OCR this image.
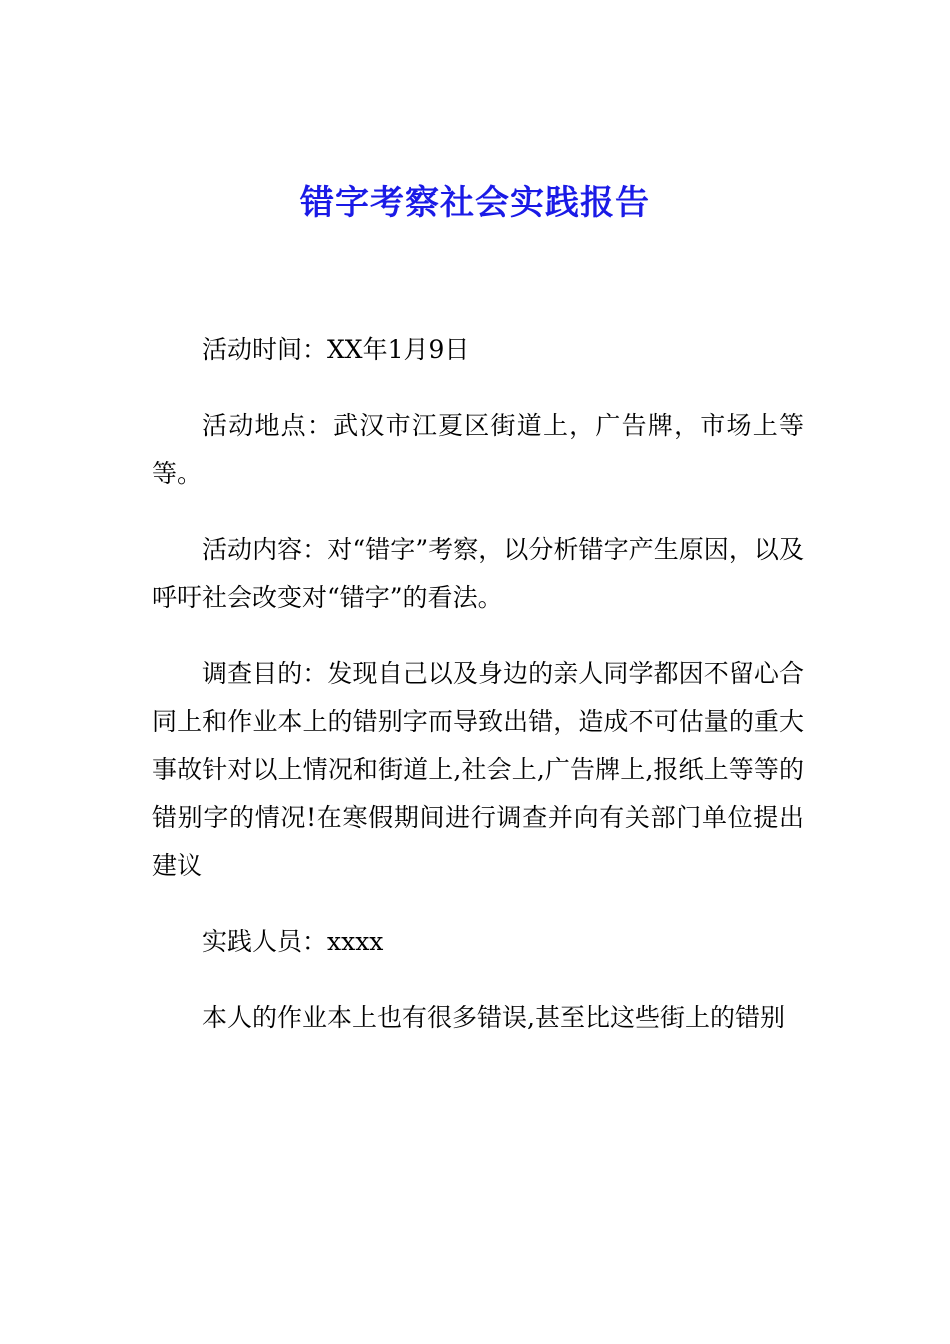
错字考察社会实践报告

活动时间：XX年1月9日

活动地点：武汉市江夏区街道上，广告牌，市场上等等。

活动内容：对“错字”考察，以分析错字产生原因，以及呼吁社会改变对“错字”的看法。

调查目的：发现自己以及身边的亲人同学都因不留心合同上和作业本上的错别字而导致出错，造成不可估量的重大事故针对以上情况和街道上,社会上,广告牌上,报纸上等等的错别字的情况!在寒假期间进行调查并向有关部门单位提出建议

实践人员：xxxx

本人的作业本上也有很多错误,甚至比这些街上的错别
